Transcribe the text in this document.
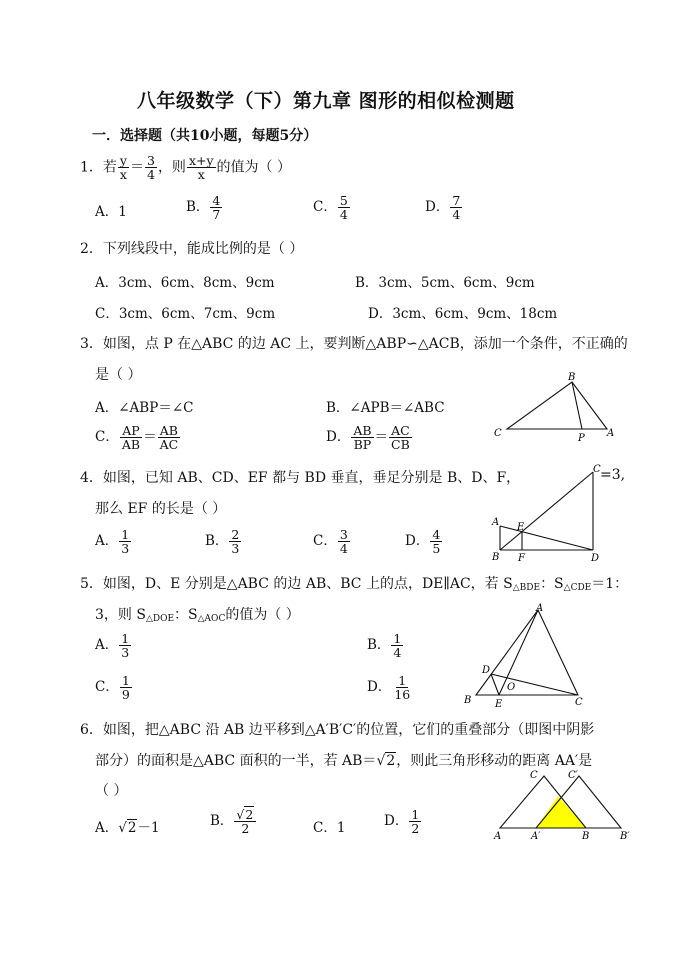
八年级数学（下）第九章 图形的相似检测题
一．选择题（共10小题，每题5分）
1．若 $\frac{y}{x} = \frac{3}{4}$ ，则 $\frac{x+y}{x}$ 的值为（ ）
A．1	B． $\frac{4}{7}$	C． $\frac{5}{4}$	D． $\frac{7}{4}$
2．下列线段中，能成比例的是（ ）
A．3cm、6cm、8cm、9cm	B．3cm、5cm、6cm、9cm
C．3cm、6cm、7cm、9cm	D．3cm、6cm、9cm、18cm
3．如图，点 P 在△ABC 的边 AC 上，要判断△ABP∽△ACB，添加一个条件，不正确的
是（ ）
A．∠ABP＝∠C	B．∠APB＝∠ABC
C． $\frac{AP}{AB} = \frac{AB}{AC}$	D． $\frac{AB}{BP} = \frac{AC}{CB}$
B
C	P A
4．如图，已知 AB、CD、EF 都与 BD 垂直，垂足分别是 B、D、F，	=3,
那么 EF 的长是（ ）
A． $\frac{1}{3}$	B． $\frac{2}{3}$	C． $\frac{3}{4}$	D． $\frac{4}{5}$
A
B
C
D
E
F
5．如图，D、E 分别是△ABC 的边 AB、BC 上的点，DE∥AC，若 $S_{\triangle BDE}$：$S_{\triangle CDE}=1$：
3，则 $S_{\triangle DOE}$：$S_{\triangle AOC}$的值为（ ）
A． $\frac{1}{3}$	B． $\frac{1}{4}$
C． $\frac{1}{9}$	D． $\frac{1}{16}$
A
B	C
D
E
O
6．如图，把△ABC 沿 AB 边平移到△A′B′C′的位置，它们的重叠部分（即图中阴影
部分）的面积是△ABC 面积的一半，若 AB＝√2，则此三角形移动的距离 AA′是
（ ）
A．√2－1	B． $\frac{√2}{2}$	C．1	D． $\frac{1}{2}$
A	A′	B	B′
C	C′
